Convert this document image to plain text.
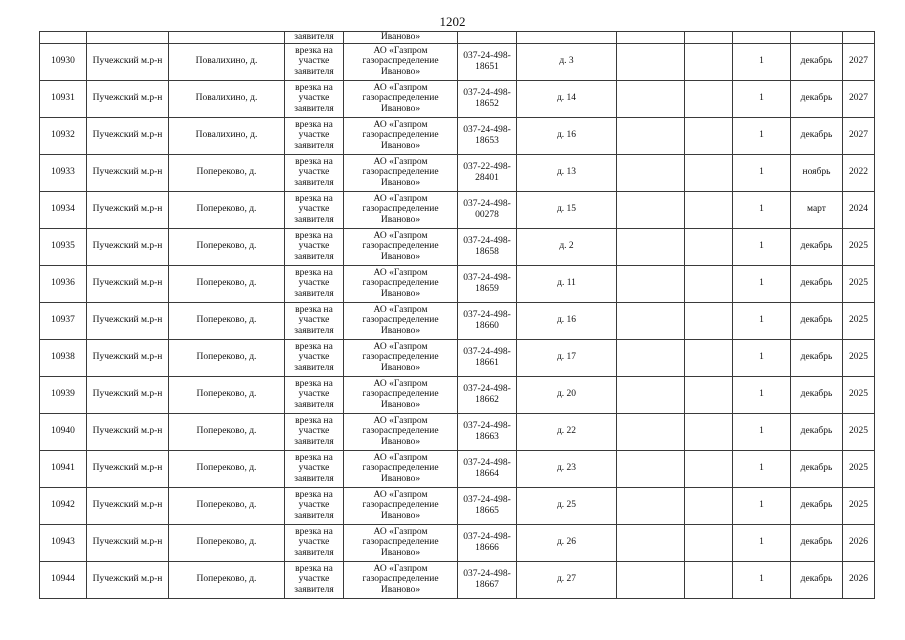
1202
			заявителя	Иваново»							
10930	Пучежский м.р-н	Повалихино, д.	врезка на участке заявителя	АО «Газпром газораспределение Иваново»	037-24-498-18651	д. 3			1	декабрь	2027
10931	Пучежский м.р-н	Повалихино, д.	врезка на участке заявителя	АО «Газпром газораспределение Иваново»	037-24-498-18652	д. 14			1	декабрь	2027
10932	Пучежский м.р-н	Повалихино, д.	врезка на участке заявителя	АО «Газпром газораспределение Иваново»	037-24-498-18653	д. 16			1	декабрь	2027
10933	Пучежский м.р-н	Поперeково, д.	врезка на участке заявителя	АО «Газпром газораспределение Иваново»	037-22-498-28401	д. 13			1	ноябрь	2022
10934	Пучежский м.р-н	Поперeково, д.	врезка на участке заявителя	АО «Газпром газораспределение Иваново»	037-24-498-00278	д. 15			1	март	2024
10935	Пучежский м.р-н	Поперeково, д.	врезка на участке заявителя	АО «Газпром газораспределение Иваново»	037-24-498-18658	д. 2			1	декабрь	2025
10936	Пучежский м.р-н	Поперeково, д.	врезка на участке заявителя	АО «Газпром газораспределение Иваново»	037-24-498-18659	д. 11			1	декабрь	2025
10937	Пучежский м.р-н	Поперeково, д.	врезка на участке заявителя	АО «Газпром газораспределение Иваново»	037-24-498-18660	д. 16			1	декабрь	2025
10938	Пучежский м.р-н	Поперeково, д.	врезка на участке заявителя	АО «Газпром газораспределение Иваново»	037-24-498-18661	д. 17			1	декабрь	2025
10939	Пучежский м.р-н	Поперeково, д.	врезка на участке заявителя	АО «Газпром газораспределение Иваново»	037-24-498-18662	д. 20			1	декабрь	2025
10940	Пучежский м.р-н	Поперeково, д.	врезка на участке заявителя	АО «Газпром газораспределение Иваново»	037-24-498-18663	д. 22			1	декабрь	2025
10941	Пучежский м.р-н	Поперeково, д.	врезка на участке заявителя	АО «Газпром газораспределение Иваново»	037-24-498-18664	д. 23			1	декабрь	2025
10942	Пучежский м.р-н	Поперeково, д.	врезка на участке заявителя	АО «Газпром газораспределение Иваново»	037-24-498-18665	д. 25			1	декабрь	2025
10943	Пучежский м.р-н	Поперeково, д.	врезка на участке заявителя	АО «Газпром газораспределение Иваново»	037-24-498-18666	д. 26			1	декабрь	2026
10944	Пучежский м.р-н	Поперeково, д.	врезка на участке заявителя	АО «Газпром газораспределение Иваново»	037-24-498-18667	д. 27			1	декабрь	2026
